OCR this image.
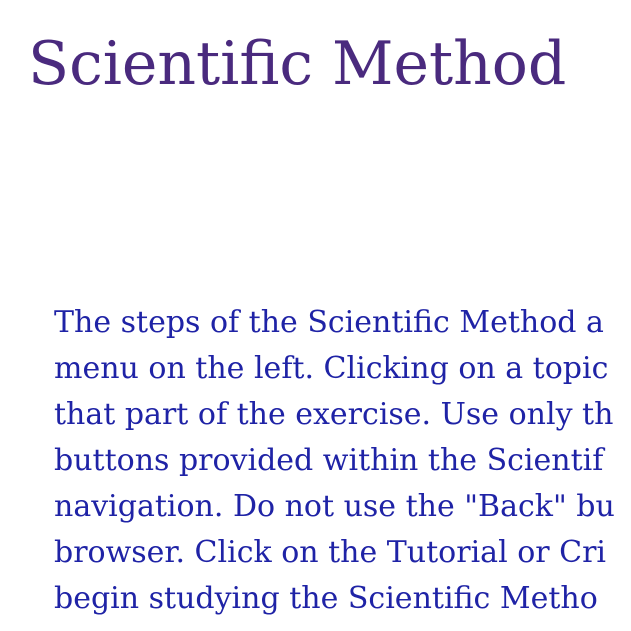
Scientific Method
The steps of the Scientific Method a
menu on the left. Clicking on a topic
that part of the exercise. Use only th
buttons provided within the Scientif
navigation. Do not use the "Back" bu
browser. Click on the Tutorial or Cri
begin studying the Scientific Metho
